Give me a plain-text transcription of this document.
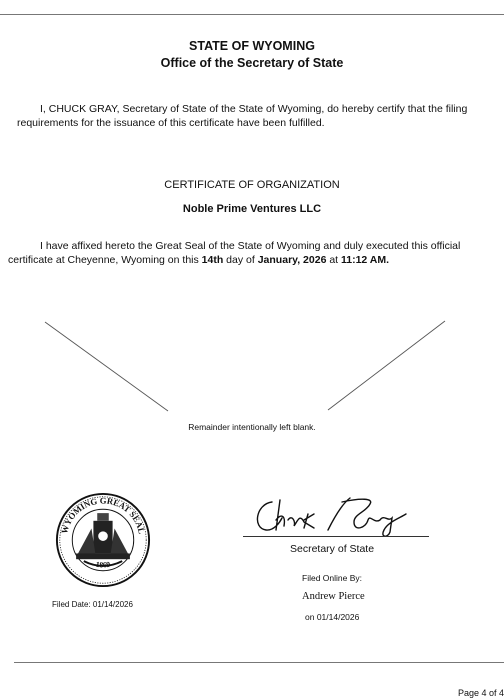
STATE OF WYOMING
Office of the Secretary of State
I, CHUCK GRAY, Secretary of State of the State of Wyoming, do hereby certify that the filing
requirements for the issuance of this certificate have been fulfilled.
CERTIFICATE OF ORGANIZATION
Noble Prime Ventures LLC
I have affixed hereto the Great Seal of the State of Wyoming and duly executed this official
certificate at Cheyenne, Wyoming on this 14th day of January, 2026 at 11:12 AM.
Remainder intentionally left blank.
WYOMING GREAT SEAL
1869
Secretary of State
Filed Online By:
Andrew Pierce
on 01/14/2026
Filed Date: 01/14/2026
Page 4 of 4
